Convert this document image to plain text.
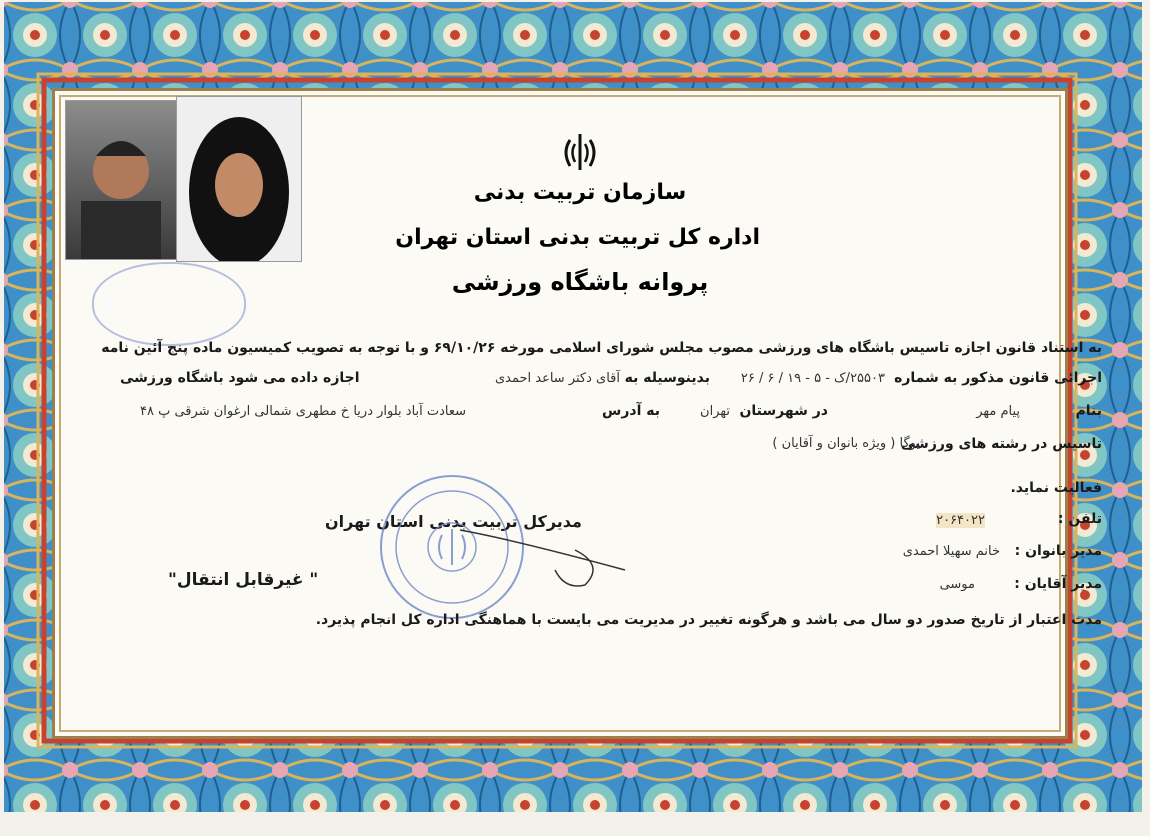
سازمان تربیت بدنی
اداره کل تربیت بدنی استان تهران
پروانه باشگاه ورزشی
به استناد قانون اجازه تاسیس باشگاه های ورزشی مصوب مجلس شورای اسلامی مورخه ۶۹/۱۰/۲۶ و با توجه به تصویب کمیسیون ماده پنج آئین نامه
اجرائی قانون مذکور به شماره
۲۵۵۰۳/ک - ۵ - ۱۹ / ۶ / ۲۶
بدینوسیله به
آقای دکتر ساعد احمدی
اجازه داده می شود باشگاه ورزشی
بنام
پیام مهر
در شهرستان
تهران
به آدرس
سعادت آباد بلوار دریا خ مطهری شمالی ارغوان شرقی پ ۴۸
تاسیس در رشته های ورزشی
یوگا ( ویژه بانوان و آقایان )
فعالیت نماید.
تلفن :
۲۰۶۴۰۲۲
مدیر بانوان :
خانم سهیلا احمدی
مدیر آقایان :
موسی
مدیرکل تربیت بدنی استان تهران
" غیرقابل انتقال"
مدت اعتبار از تاریخ صدور دو سال می باشد و هرگونه تغییر در مدیریت می بایست با هماهنگی اداره کل انجام پذیرد.
